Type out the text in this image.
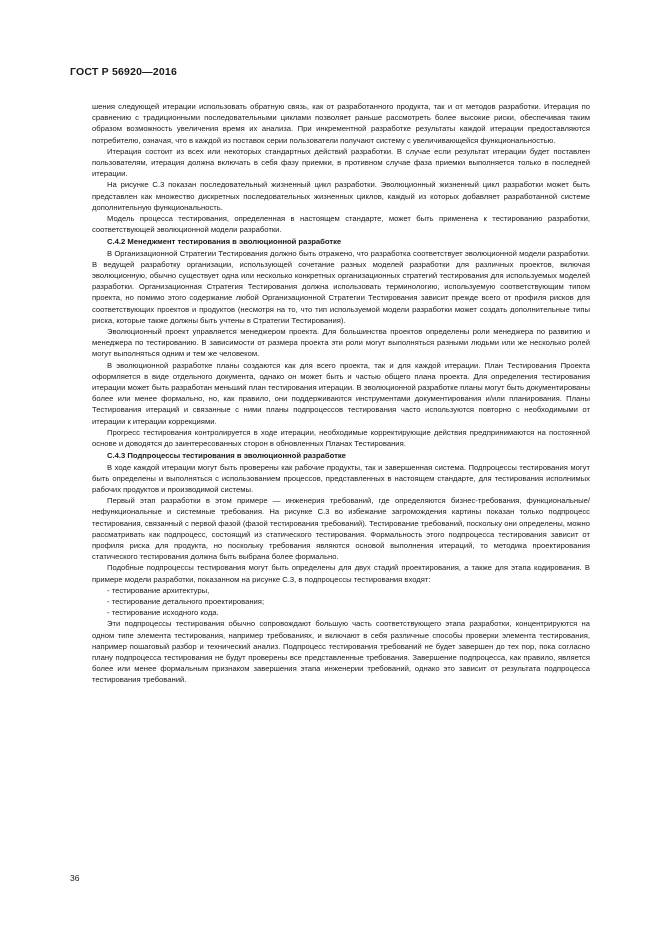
ГОСТ Р 56920—2016

шения следующей итерации использовать обратную связь, как от разработанного продукта, так и от методов разработки. Итерация по сравнению с традиционными последовательными циклами позволяет раньше рассмотреть более высокие риски, обеспечивая таким образом возможность увеличения время их анализа. При инкрементной разработке результаты каждой итерации предоставляются потребителю, означая, что в каждой из поставок серии пользователи получают систему с увеличивающейся функциональностью.

Итерация состоит из всех или некоторых стандартных действий разработки. В случае если результат итерации будет поставлен пользователям, итерация должна включать в себя фазу приемки, в противном случае фаза приемки выполняется только в последней итерации.

На рисунке С.3 показан последовательный жизненный цикл разработки. Эволюционный жизненный цикл разработки может быть представлен как множество дискретных последовательных жизненных циклов, каждый из которых добавляет разработанной системе дополнительную функциональность.

Модель процесса тестирования, определенная в настоящем стандарте, может быть применена к тестированию разработки, соответствующей эволюционной модели разработки.

С.4.2 Менеджмент тестирования в эволюционной разработке

В Организационной Стратегии Тестирования должно быть отражено, что разработка соответствует эволюционной модели разработки. В ведущей разработку организации, использующей сочетание разных моделей разработки для различных проектов, включая эволюционную, обычно существует одна или несколько конкретных организационных стратегий тестирования для используемых моделей разработки. Организационная Стратегия Тестирования должна использовать терминологию, используемую соответствующим типом проекта, но помимо этого содержание любой Организационной Стратегии Тестирования зависит прежде всего от профиля рисков для соответствующих проектов и продуктов (несмотря на то, что тип используемой модели разработки может создать дополнительные типы риска, которые также должны быть учтены в Стратегии Тестирования).

Эволюционный проект управляется менеджером проекта. Для большинства проектов определены роли менеджера по развитию и менеджера по тестированию. В зависимости от размера проекта эти роли могут выполняться разными людьми или же несколько ролей могут выполняться одним и тем же человеком.

В эволюционной разработке планы создаются как для всего проекта, так и для каждой итерации. План Тестирования Проекта оформляется в виде отдельного документа, однако он может быть и частью общего плана проекта. Для определения тестирования итерации может быть разработан меньший план тестирования итерации. В эволюционной разработке планы могут быть документированы более или менее формально, но, как правило, они поддерживаются инструментами документирования и/или планирования. Планы Тестирования итераций и связанные с ними планы подпроцессов тестирования часто используются повторно с необходимыми от итерации к итерации коррекциями.

Прогресс тестирования контролируется в ходе итерации, необходимые корректирующие действия предпринимаются на постоянной основе и доводятся до заинтересованных сторон в обновленных Планах Тестирования.

С.4.3 Подпроцессы тестирования в эволюционной разработке

В ходе каждой итерации могут быть проверены как рабочие продукты, так и завершенная система. Подпроцессы тестирования могут быть определены и выполняться с использованием процессов, представленных в настоящем стандарте, для тестирования исполнимых рабочих продуктов и производимой системы.

Первый этап разработки в этом примере — инженерия требований, где определяются бизнес-требования, функциональные/нефункциональные и системные требования. На рисунке С.3 во избежание загромождения картины показан только подпроцесс тестирования, связанный с первой фазой (фазой тестирования требований). Тестирование требований, поскольку они определены, можно рассматривать как подпроцесс, состоящий из статического тестирования. Формальность этого подпроцесса тестирования зависит от профиля риска для продукта, но поскольку требования являются основой выполнения итераций, то методика проектирования статического тестирования должна быть выбрана более формально.

Подобные подпроцессы тестирования могут быть определены для двух стадий проектирования, а также для этапа кодирования. В примере модели разработки, показанном на рисунке С.3, в подпроцессы тестирования входят:

- тестирование архитектуры,
- тестирование детального проектирования;
- тестирование исходного кода.

Эти подпроцессы тестирования обычно сопровождают большую часть соответствующего этапа разработки, концентрируются на одном типе элемента тестирования, например требованиях, и включают в себя различные способы проверки элемента тестирования, например пошаговый разбор и технический анализ. Подпроцесс тестирования требований не будет завершен до тех пор, пока согласно плану подпроцесса тестирования не будут проверены все представленные требования. Завершение подпроцесса, как правило, является более или менее формальным признаком завершения этапа инженерии требований, однако это зависит от результата подпроцесса тестирования требований.

36
